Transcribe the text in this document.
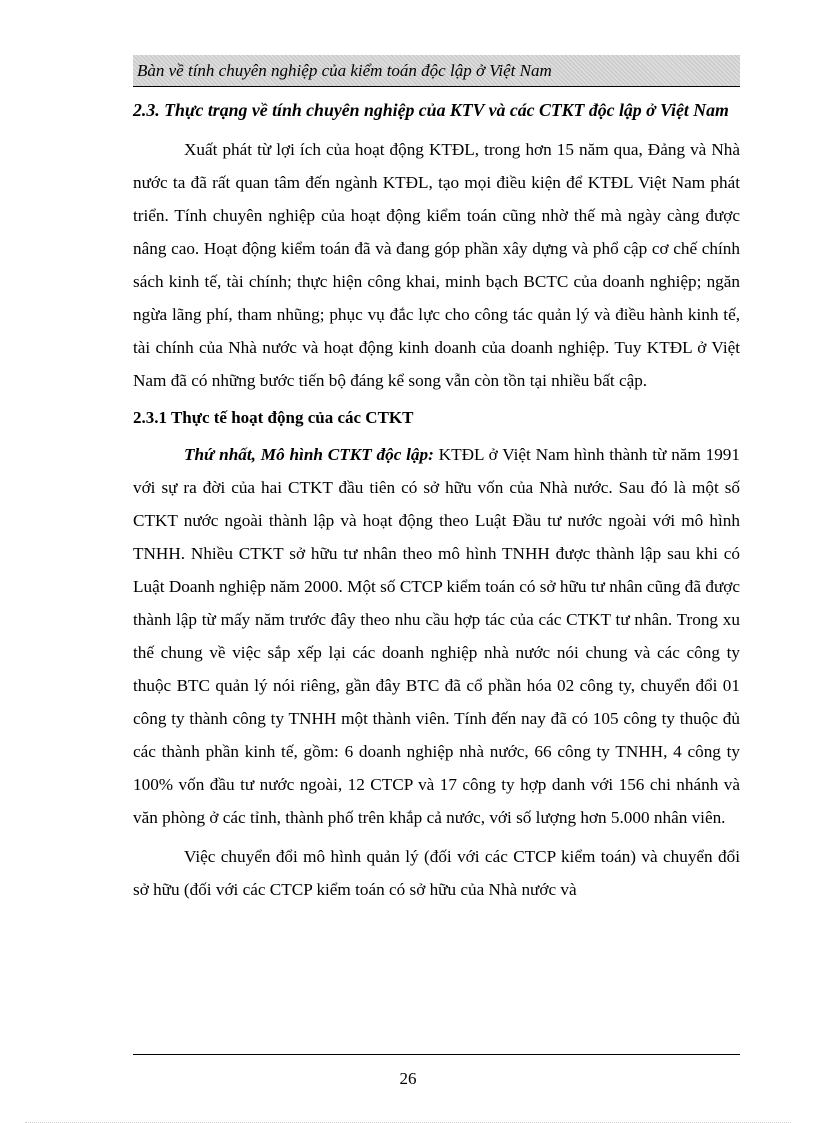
Bàn về tính chuyên nghiệp của kiểm toán độc lập ở Việt Nam
2.3. Thực trạng về tính chuyên nghiệp của KTV và các CTKT độc lập ở Việt Nam

Xuất phát từ lợi ích của hoạt động KTĐL, trong hơn 15 năm qua, Đảng và Nhà nước ta đã rất quan tâm đến ngành KTĐL, tạo mọi điều kiện để KTĐL Việt Nam phát triển. Tính chuyên nghiệp của hoạt động kiểm toán cũng nhờ thế mà ngày càng được nâng cao. Hoạt động kiểm toán đã và đang góp phần xây dựng và phổ cập cơ chế chính sách kinh tế, tài chính; thực hiện công khai, minh bạch BCTC của doanh nghiệp; ngăn ngừa lãng phí, tham nhũng; phục vụ đắc lực cho công tác quản lý và điều hành kinh tế, tài chính của Nhà nước và hoạt động kinh doanh của doanh nghiệp. Tuy KTĐL ở Việt Nam đã có những bước tiến bộ đáng kể song vẫn còn tồn tại nhiều bất cập.

2.3.1 Thực tế hoạt động của các CTKT

Thứ nhất, Mô hình CTKT độc lập: KTĐL ở Việt Nam hình thành từ năm 1991 với sự ra đời của hai CTKT đầu tiên có sở hữu vốn của Nhà nước. Sau đó là một số CTKT nước ngoài thành lập và hoạt động theo Luật Đầu tư nước ngoài với mô hình TNHH. Nhiều CTKT sở hữu tư nhân theo mô hình TNHH được thành lập sau khi có Luật Doanh nghiệp năm 2000. Một số CTCP kiểm toán có sở hữu tư nhân cũng đã được thành lập từ mấy năm trước đây theo nhu cầu hợp tác của các CTKT tư nhân. Trong xu thế chung về việc sắp xếp lại các doanh nghiệp nhà nước nói chung và các công ty thuộc BTC quản lý nói riêng, gần đây BTC đã cổ phần hóa 02 công ty, chuyển đổi 01 công ty thành công ty TNHH một thành viên. Tính đến nay đã có 105 công ty thuộc đủ các thành phần kinh tế, gồm: 6 doanh nghiệp nhà nước, 66 công ty TNHH, 4 công ty 100% vốn đầu tư nước ngoài, 12 CTCP và 17 công ty hợp danh với 156 chi nhánh và văn phòng ở các tỉnh, thành phố trên khắp cả nước, với số lượng hơn 5.000 nhân viên.

Việc chuyển đổi mô hình quản lý (đối với các CTCP kiểm toán) và chuyển đổi sở hữu (đối với các CTCP kiểm toán có sở hữu của Nhà nước và

26
